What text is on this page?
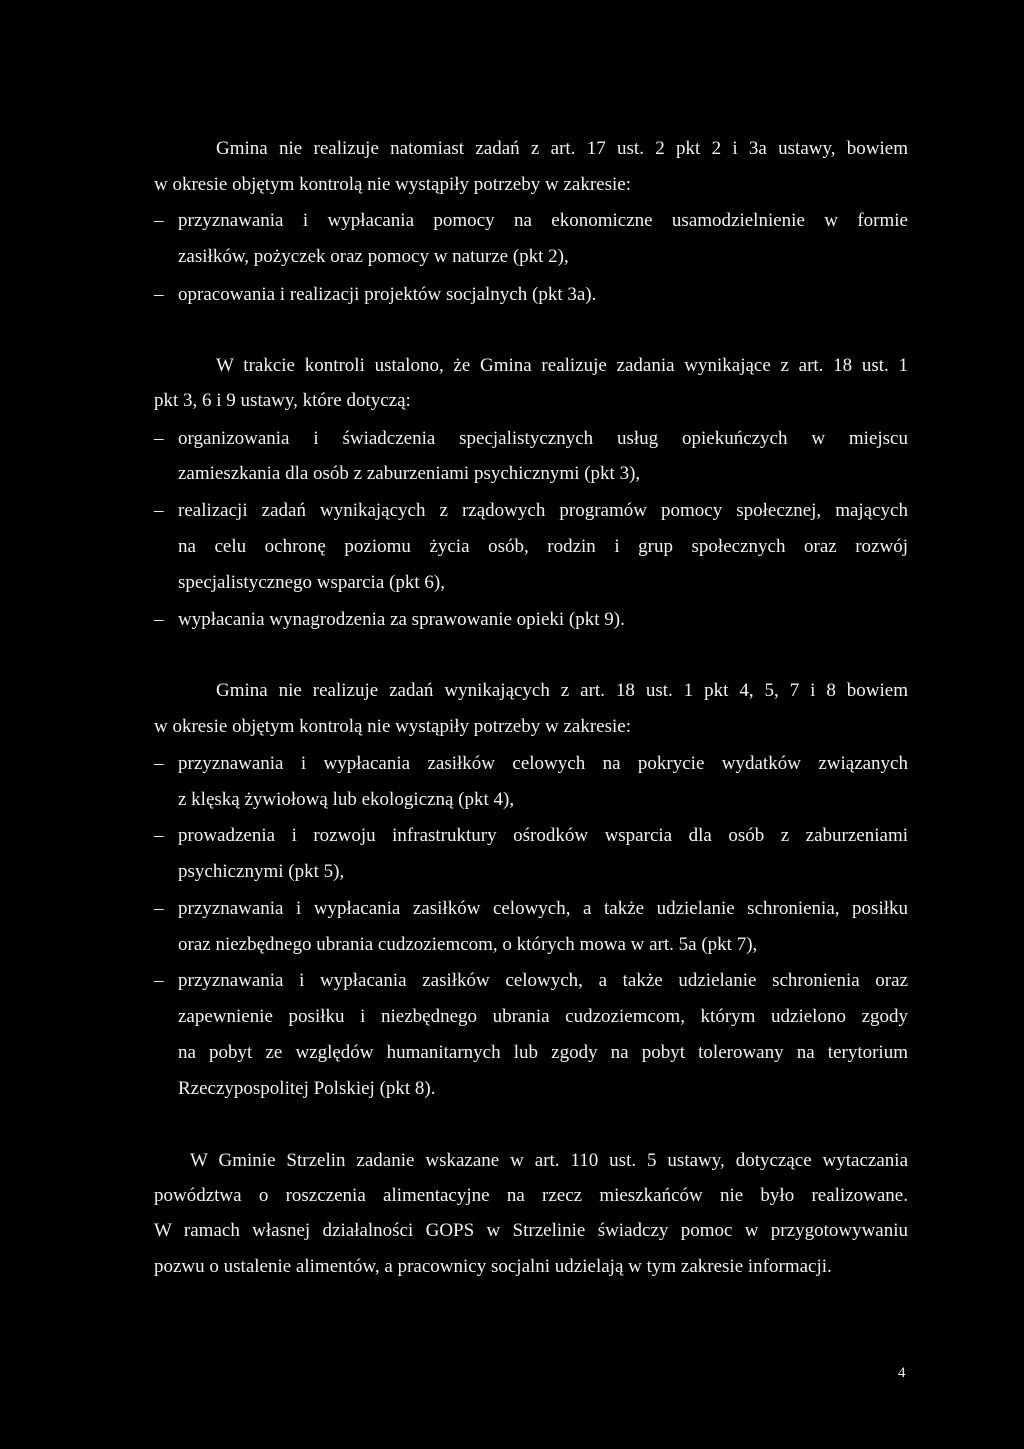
Gmina nie realizuje natomiast zadań z art. 17 ust. 2 pkt 2 i 3a ustawy, bowiem
w okresie objętym kontrolą nie wystąpiły potrzeby w zakresie:
– przyznawania i wypłacania pomocy na ekonomiczne usamodzielnienie w formie
zasiłków, pożyczek oraz pomocy w naturze (pkt 2),
– opracowania i realizacji projektów socjalnych (pkt 3a).
W trakcie kontroli ustalono, że Gmina realizuje zadania wynikające z art. 18 ust. 1
pkt 3, 6 i 9 ustawy, które dotyczą:
– organizowania i świadczenia specjalistycznych usług opiekuńczych w miejscu
zamieszkania dla osób z zaburzeniami psychicznymi (pkt 3),
– realizacji zadań wynikających z rządowych programów pomocy społecznej, mających
na celu ochronę poziomu życia osób, rodzin i grup społecznych oraz rozwój
specjalistycznego wsparcia (pkt 6),
– wypłacania wynagrodzenia za sprawowanie opieki (pkt 9).
Gmina nie realizuje zadań wynikających z art. 18 ust. 1 pkt 4, 5, 7 i 8 bowiem
w okresie objętym kontrolą nie wystąpiły potrzeby w zakresie:
– przyznawania i wypłacania zasiłków celowych na pokrycie wydatków związanych
z klęską żywiołową lub ekologiczną (pkt 4),
– prowadzenia i rozwoju infrastruktury ośrodków wsparcia dla osób z zaburzeniami
psychicznymi (pkt 5),
– przyznawania i wypłacania zasiłków celowych, a także udzielanie schronienia, posiłku
oraz niezbędnego ubrania cudzoziemcom, o których mowa w art. 5a (pkt 7),
– przyznawania i wypłacania zasiłków celowych, a także udzielanie schronienia oraz
zapewnienie posiłku i niezbędnego ubrania cudzoziemcom, którym udzielono zgody
na pobyt ze względów humanitarnych lub zgody na pobyt tolerowany na terytorium
Rzeczypospolitej Polskiej (pkt 8).
W Gminie Strzelin zadanie wskazane w art. 110 ust. 5 ustawy, dotyczące wytaczania
powództwa o roszczenia alimentacyjne na rzecz mieszkańców nie było realizowane.
W ramach własnej działalności GOPS w Strzelinie świadczy pomoc w przygotowywaniu
pozwu o ustalenie alimentów, a pracownicy socjalni udzielają w tym zakresie informacji.
4
